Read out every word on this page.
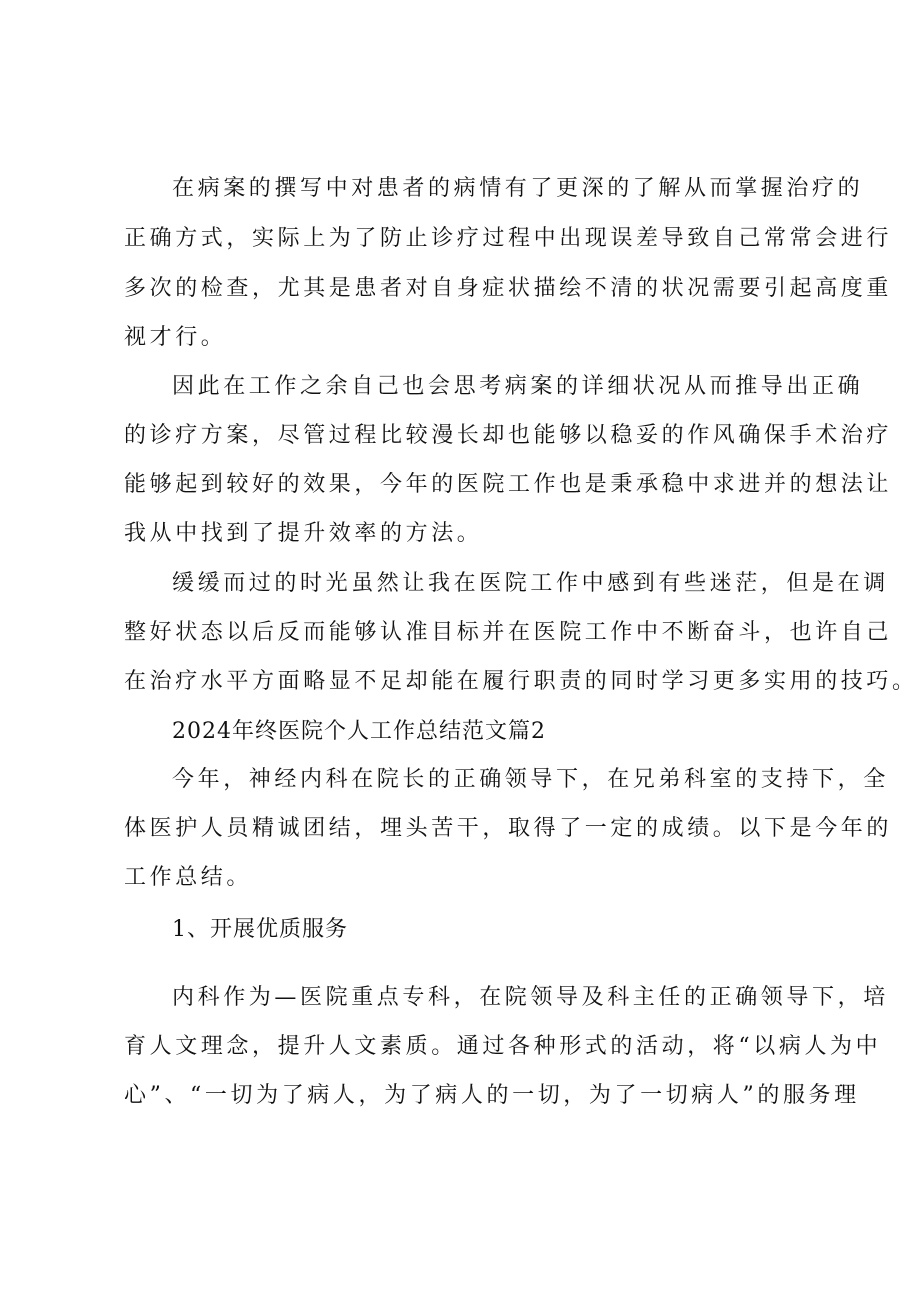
在病案的撰写中对患者的病情有了更深的了解从而掌握治疗的
正确方式，实际上为了防止诊疗过程中出现误差导致自己常常会进行
多次的检查，尤其是患者对自身症状描绘不清的状况需要引起高度重
视才行。
因此在工作之余自己也会思考病案的详细状况从而推导出正确
的诊疗方案，尽管过程比较漫长却也能够以稳妥的作风确保手术治疗
能够起到较好的效果，今年的医院工作也是秉承稳中求进并的想法让
我从中找到了提升效率的方法。
缓缓而过的时光虽然让我在医院工作中感到有些迷茫，但是在调
整好状态以后反而能够认准目标并在医院工作中不断奋斗，也许自己
在治疗水平方面略显不足却能在履行职责的同时学习更多实用的技巧。
2024年终医院个人工作总结范文篇2
今年，神经内科在院长的正确领导下，在兄弟科室的支持下，全
体医护人员精诚团结，埋头苦干，取得了一定的成绩。以下是今年的
工作总结。
1、开展优质服务
内科作为—医院重点专科，在院领导及科主任的正确领导下，培
育人文理念，提升人文素质。通过各种形式的活动，将“以病人为中
心”、“一切为了病人，为了病人的一切，为了一切病人”的服务理
